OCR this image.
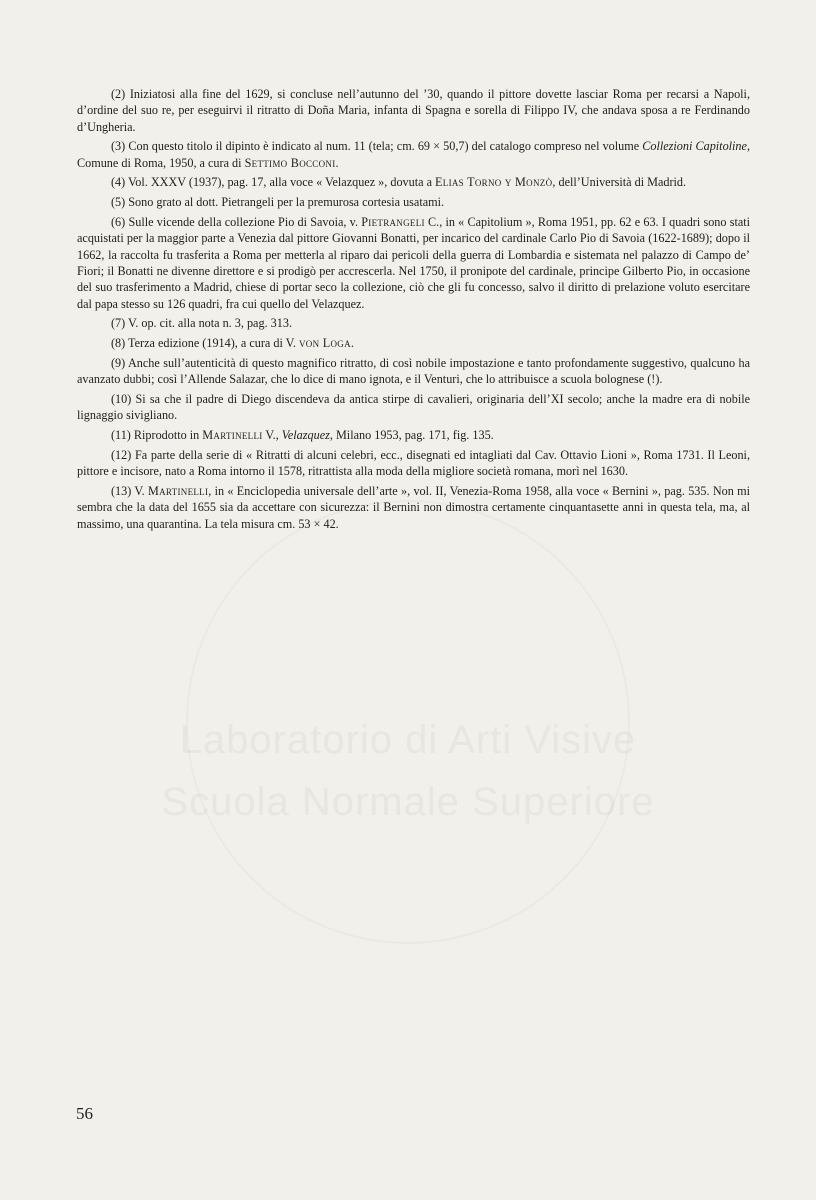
Laboratorio di Arti Visive
Scuola Normale Superiore

(2) Iniziatosi alla fine del 1629, si concluse nell’autunno del ’30, quando il pittore dovette lasciar Roma per recarsi a Napoli, d’ordine del suo re, per eseguirvi il ritratto di Doña Maria, infanta di Spagna e sorella di Filippo IV, che andava sposa a re Ferdinando d’Ungheria.

(3) Con questo titolo il dipinto è indicato al num. 11 (tela; cm. 69 × 50,7) del catalogo compreso nel volume Collezioni Capitoline, Comune di Roma, 1950, a cura di Settimo Bocconi.

(4) Vol. XXXV (1937), pag. 17, alla voce « Velazquez », dovuta a Elias Torno y Monzò, dell’Università di Madrid.

(5) Sono grato al dott. Pietrangeli per la premurosa cortesia usatami.

(6) Sulle vicende della collezione Pio di Savoia, v. Pietrangeli C., in « Capitolium », Roma 1951, pp. 62 e 63. I quadri sono stati acquistati per la maggior parte a Venezia dal pittore Giovanni Bonatti, per incarico del cardinale Carlo Pio di Savoia (1622-1689); dopo il 1662, la raccolta fu trasferita a Roma per metterla al riparo dai pericoli della guerra di Lombardia e sistemata nel palazzo di Campo de’ Fiori; il Bonatti ne divenne direttore e si prodigò per accrescerla. Nel 1750, il pronipote del cardinale, principe Gilberto Pio, in occasione del suo trasferimento a Madrid, chiese di portar seco la collezione, ciò che gli fu concesso, salvo il diritto di prelazione voluto esercitare dal papa stesso su 126 quadri, fra cui quello del Velazquez.

(7) V. op. cit. alla nota n. 3, pag. 313.

(8) Terza edizione (1914), a cura di V. von Loga.

(9) Anche sull’autenticità di questo magnifico ritratto, di così nobile impostazione e tanto profondamente suggestivo, qualcuno ha avanzato dubbi; così l’Allende Salazar, che lo dice di mano ignota, e il Venturi, che lo attribuisce a scuola bolognese (!).

(10) Si sa che il padre di Diego discendeva da antica stirpe di cavalieri, originaria dell’XI secolo; anche la madre era di nobile lignaggio sivigliano.

(11) Riprodotto in Martinelli V., Velazquez, Milano 1953, pag. 171, fig. 135.

(12) Fa parte della serie di « Ritratti di alcuni celebri, ecc., disegnati ed intagliati dal Cav. Ottavio Lioni », Roma 1731. Il Leoni, pittore e incisore, nato a Roma intorno il 1578, ritrattista alla moda della migliore società romana, morì nel 1630.

(13) V. Martinelli, in « Enciclopedia universale dell’arte », vol. II, Venezia-Roma 1958, alla voce « Bernini », pag. 535. Non mi sembra che la data del 1655 sia da accettare con sicurezza: il Bernini non dimostra certamente cinquantasette anni in questa tela, ma, al massimo, una quarantina. La tela misura cm. 53 × 42.

56
